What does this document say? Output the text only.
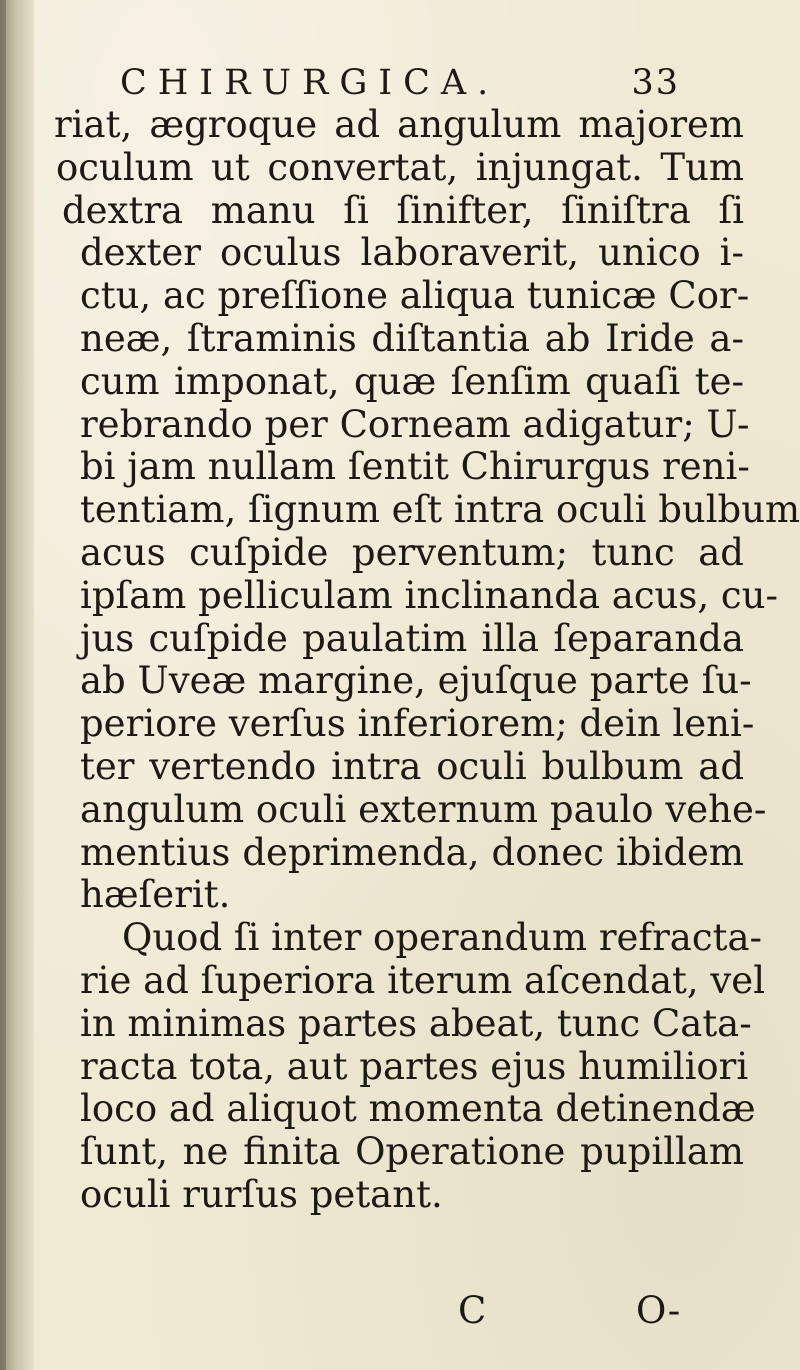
CHIRURGICA.	33
riat, ægroque ad angulum majorem
oculum ut convertat, injungat. Tum
dextra manu ſi ſinifter, ſiniſtra ſi
dexter oculus laboraverit, unico i-
ctu, ac preſſione aliqua tunicæ Cor-
neæ, ſtraminis diſtantia ab Iride a-
cum imponat, quæ ſenſim quaſi te-
rebrando per Corneam adigatur; U-
bi jam nullam ſentit Chirurgus reni-
tentiam, ſignum eſt intra oculi bulbum
acus cuſpide perventum; tunc ad
ipſam pelliculam inclinanda acus, cu-
jus cuſpide paulatim illa ſeparanda
ab Uveæ margine, ejuſque parte ſu-
periore verſus inferiorem; dein leni-
ter vertendo intra oculi bulbum ad
angulum oculi externum paulo vehe-
mentius deprimenda, donec ibidem
hæſerit.
Quod ſi inter operandum refracta-
rie ad ſuperiora iterum aſcendat, vel
in minimas partes abeat, tunc Cata-
racta tota, aut partes ejus humiliori
loco ad aliquot momenta detinendæ
ſunt, ne finita Operatione pupillam
oculi rurſus petant.
C	O-
